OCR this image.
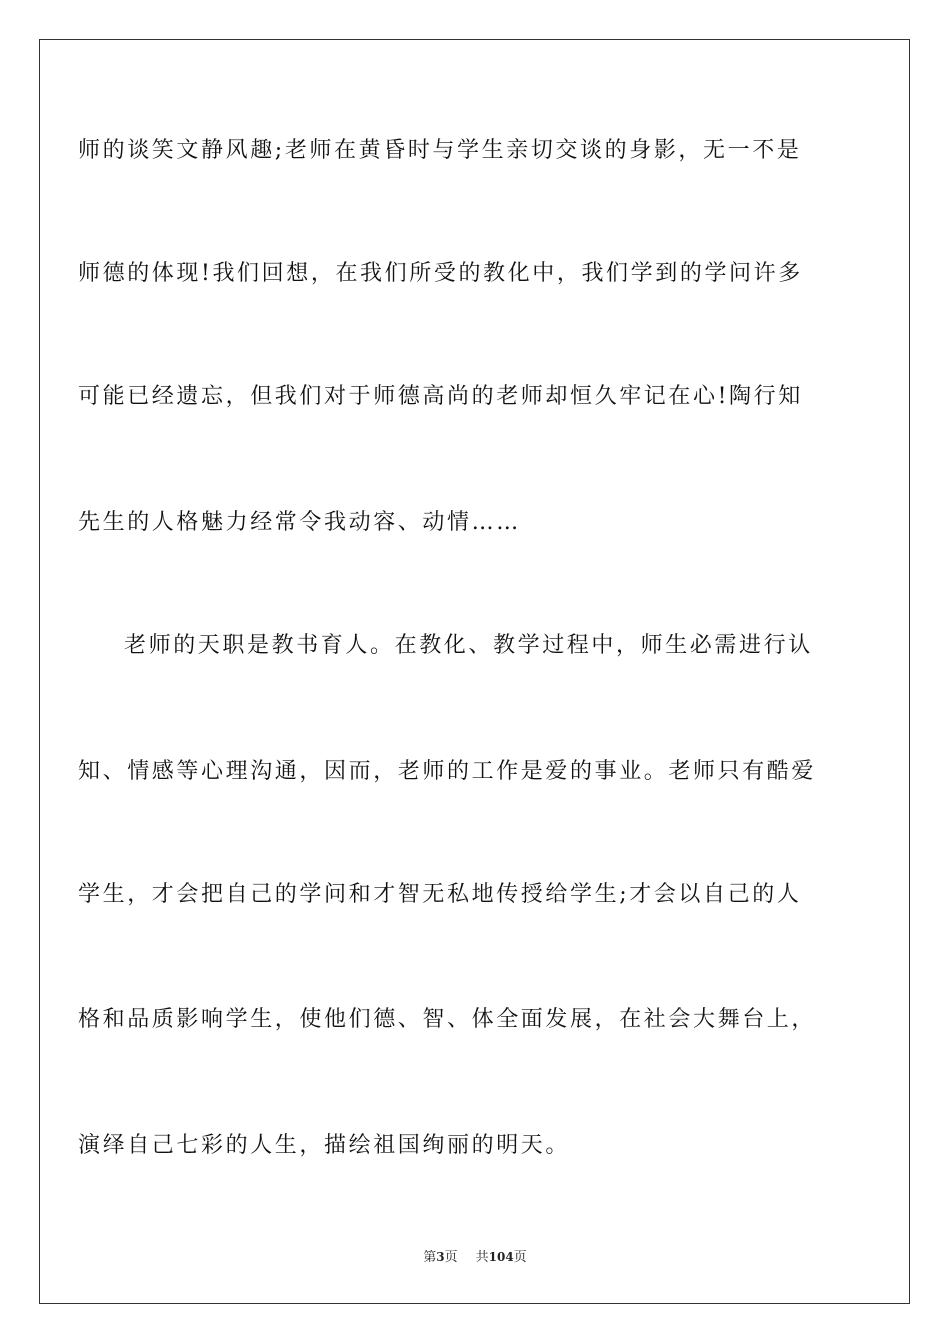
师的谈笑文静风趣;老师在黄昏时与学生亲切交谈的身影，无一不是
师德的体现!我们回想，在我们所受的教化中，我们学到的学问许多
可能已经遗忘，但我们对于师德高尚的老师却恒久牢记在心!陶行知
先生的人格魅力经常令我动容、动情……
老师的天职是教书育人。在教化、教学过程中，师生必需进行认
知、情感等心理沟通，因而，老师的工作是爱的事业。老师只有酷爱
学生，才会把自己的学问和才智无私地传授给学生;才会以自己的人
格和品质影响学生，使他们德、智、体全面发展，在社会大舞台上，
演绎自己七彩的人生，描绘祖国绚丽的明天。
第3页 共104页
